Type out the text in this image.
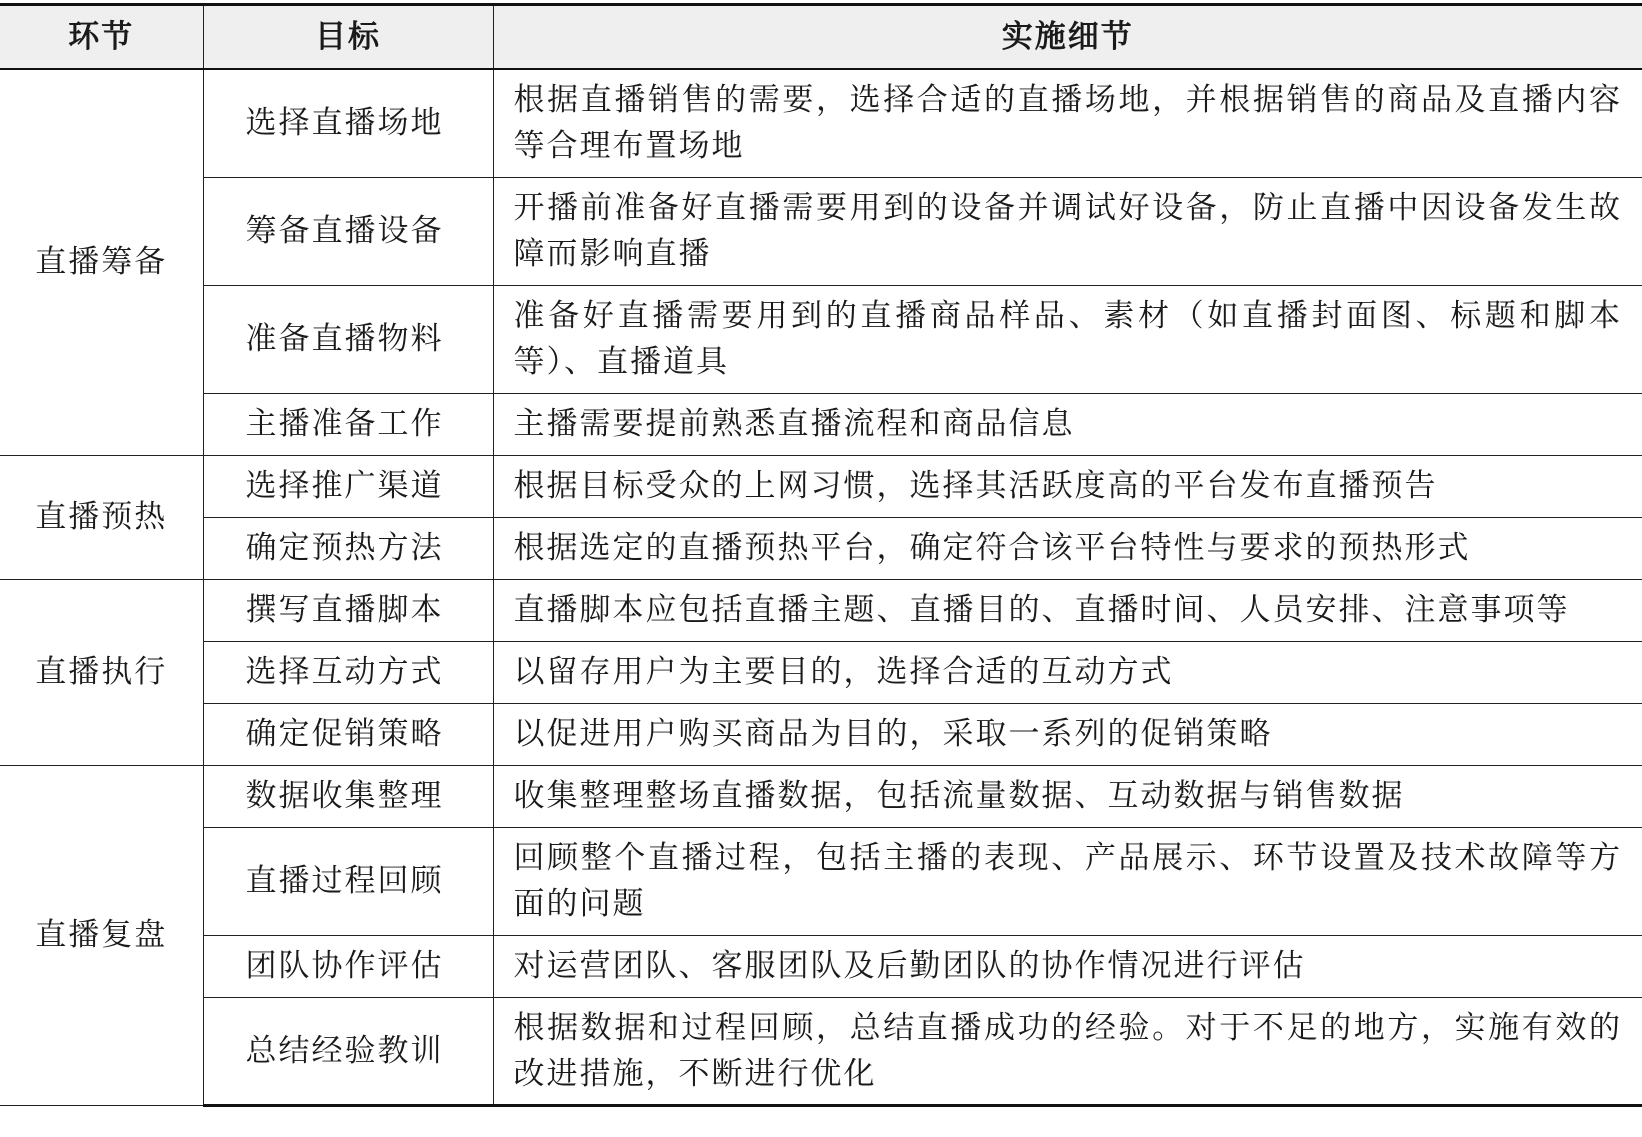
环节	目标	实施细节
直播筹备	选择直播场地	根据直播销售的需要，选择合适的直播场地，并根据销售的商品及直播内容等合理布置场地
	筹备直播设备	开播前准备好直播需要用到的设备并调试好设备，防止直播中因设备发生故障而影响直播
	准备直播物料	准备好直播需要用到的直播商品样品、素材（如直播封面图、标题和脚本等）、直播道具
	主播准备工作	主播需要提前熟悉直播流程和商品信息
直播预热	选择推广渠道	根据目标受众的上网习惯，选择其活跃度高的平台发布直播预告
	确定预热方法	根据选定的直播预热平台，确定符合该平台特性与要求的预热形式
直播执行	撰写直播脚本	直播脚本应包括直播主题、直播目的、直播时间、人员安排、注意事项等
	选择互动方式	以留存用户为主要目的，选择合适的互动方式
	确定促销策略	以促进用户购买商品为目的，采取一系列的促销策略
直播复盘	数据收集整理	收集整理整场直播数据，包括流量数据、互动数据与销售数据
	直播过程回顾	回顾整个直播过程，包括主播的表现、产品展示、环节设置及技术故障等方面的问题
	团队协作评估	对运营团队、客服团队及后勤团队的协作情况进行评估
	总结经验教训	根据数据和过程回顾，总结直播成功的经验。对于不足的地方，实施有效的改进措施，不断进行优化
